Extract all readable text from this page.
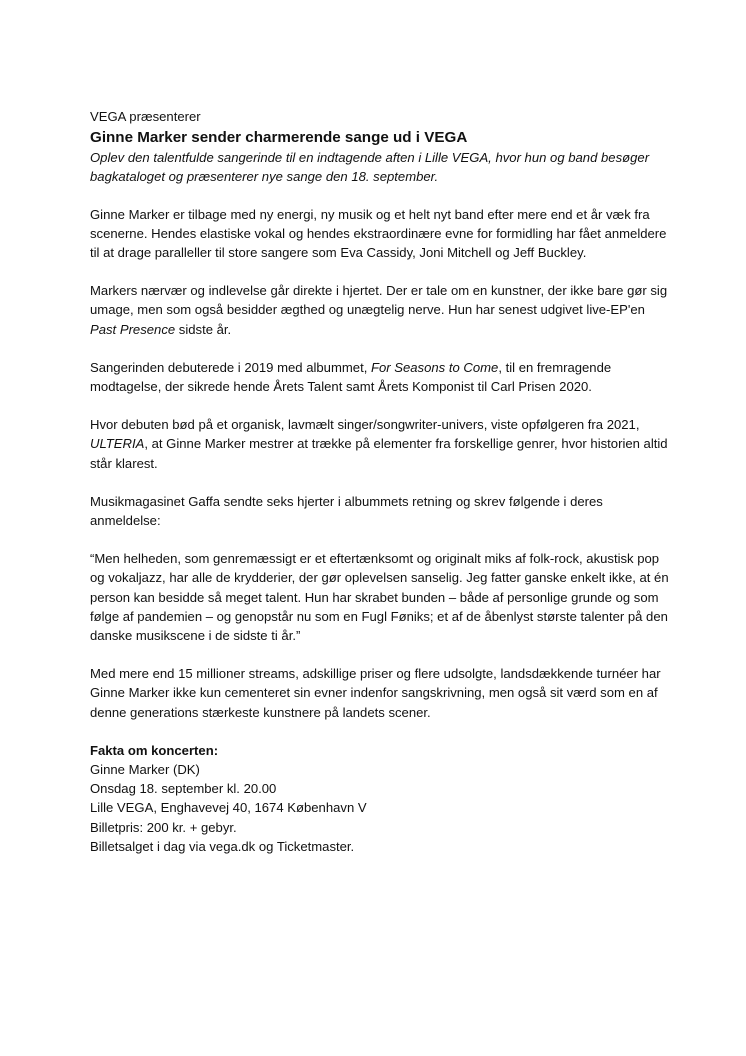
VEGA præsenterer

Ginne Marker sender charmerende sange ud i VEGA

Oplev den talentfulde sangerinde til en indtagende aften i Lille VEGA, hvor hun og band besøger bagkataloget og præsenterer nye sange den 18. september.

Ginne Marker er tilbage med ny energi, ny musik og et helt nyt band efter mere end et år væk fra scenerne. Hendes elastiske vokal og hendes ekstraordinære evne for formidling har fået anmeldere til at drage paralleller til store sangere som Eva Cassidy, Joni Mitchell og Jeff Buckley.

Markers nærvær og indlevelse går direkte i hjertet. Der er tale om en kunstner, der ikke bare gør sig umage, men som også besidder ægthed og unægtelig nerve. Hun har senest udgivet live-EP'en Past Presence sidste år.

Sangerinden debuterede i 2019 med albummet, For Seasons to Come, til en fremragende modtagelse, der sikrede hende Årets Talent samt Årets Komponist til Carl Prisen 2020.

Hvor debuten bød på et organisk, lavmælt singer/songwriter-univers, viste opfølgeren fra 2021, ULTERIA, at Ginne Marker mestrer at trække på elementer fra forskellige genrer, hvor historien altid står klarest.

Musikmagasinet Gaffa sendte seks hjerter i albummets retning og skrev følgende i deres anmeldelse:

“Men helheden, som genremæssigt er et eftertænksomt og originalt miks af folk-rock, akustisk pop og vokaljazz, har alle de krydderier, der gør oplevelsen sanselig. Jeg fatter ganske enkelt ikke, at én person kan besidde så meget talent. Hun har skrabet bunden – både af personlige grunde og som følge af pandemien – og genopstår nu som en Fugl Føniks; et af de åbenlyst største talenter på den danske musikscene i de sidste ti år.”

Med mere end 15 millioner streams, adskillige priser og flere udsolgte, landsdækkende turnéer har Ginne Marker ikke kun cementeret sin evner indenfor sangskrivning, men også sit værd som en af denne generations stærkeste kunstnere på landets scener.

Fakta om koncerten:

Ginne Marker (DK)
Onsdag 18. september kl. 20.00
Lille VEGA, Enghavevej 40, 1674 København V
Billetpris: 200 kr. + gebyr.
Billetsalget i dag via vega.dk og Ticketmaster.
